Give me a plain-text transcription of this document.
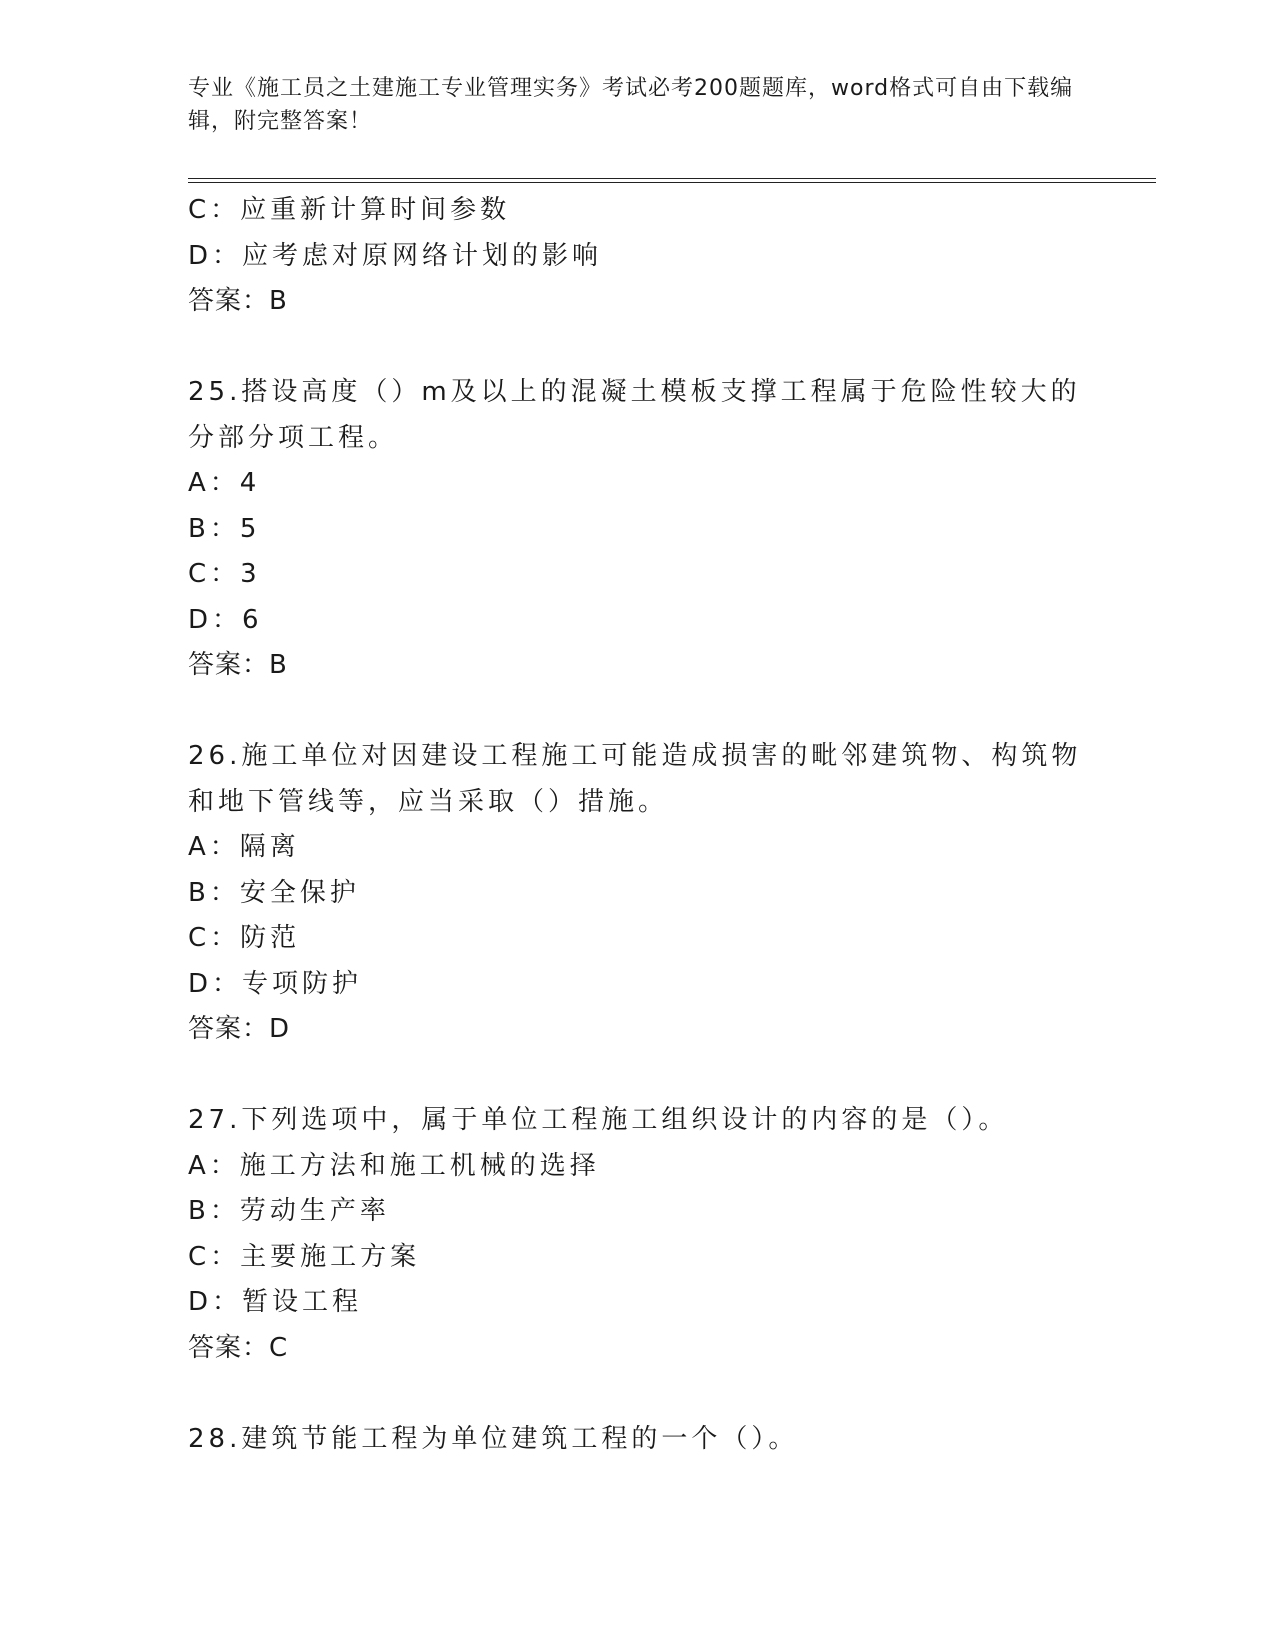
专业《施工员之土建施工专业管理实务》考试必考200题题库，word格式可自由下载编辑，附完整答案！
C：应重新计算时间参数
D：应考虑对原网络计划的影响
答案：B
25.搭设高度（）m及以上的混凝土模板支撑工程属于危险性较大的分部分项工程。
A：4
B：5
C：3
D：6
答案：B
26.施工单位对因建设工程施工可能造成损害的毗邻建筑物、构筑物和地下管线等，应当采取（）措施。
A：隔离
B：安全保护
C：防范
D：专项防护
答案：D
27.下列选项中，属于单位工程施工组织设计的内容的是（）。
A：施工方法和施工机械的选择
B：劳动生产率
C：主要施工方案
D：暂设工程
答案：C
28.建筑节能工程为单位建筑工程的一个（）。
